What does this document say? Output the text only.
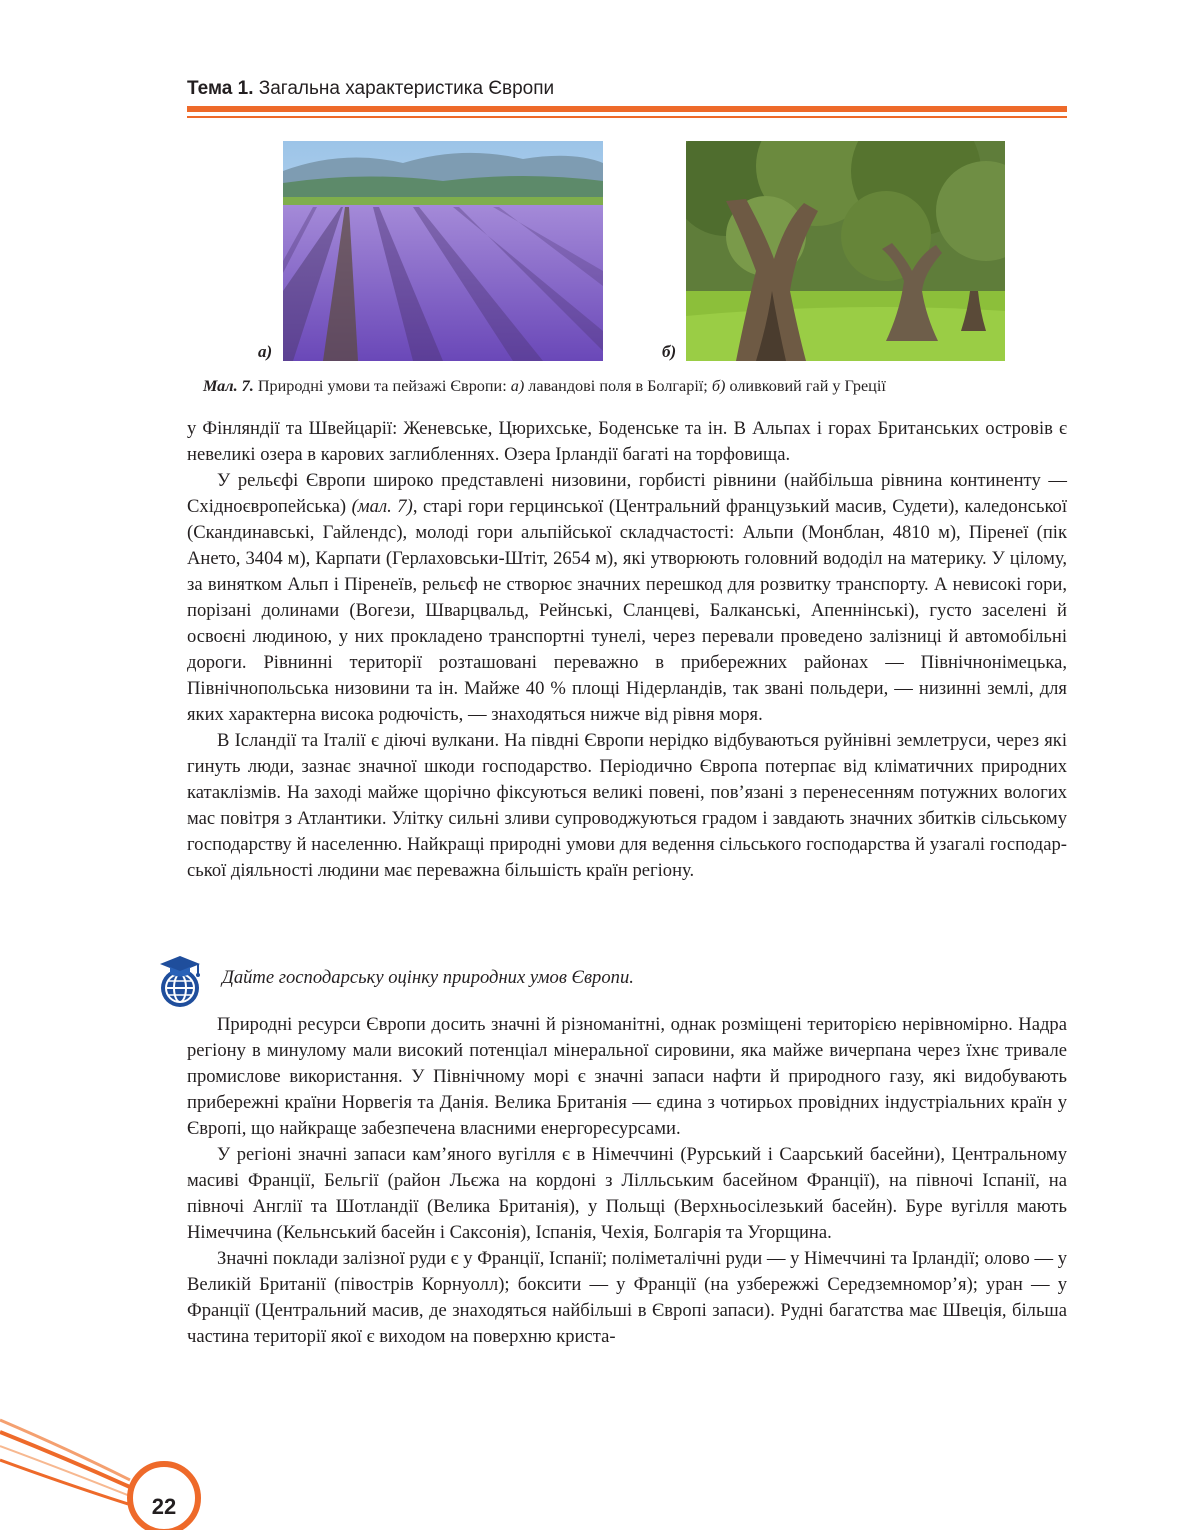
Тема 1. Загальна характеристика Європи
а)	б)
Мал. 7. Природні умови та пейзажі Європи: а) лавандові поля в Болгарії; б) оливковий гай у Греції

у Фінляндії та Швейцарії: Женевське, Цюрихське, Боденське та ін. В Альпах і горах Британських островів є невеликі озера в карових заглибленнях. Озера Ірландії багаті на торфовища.

У рельєфі Європи широко представлені низовини, горбисті рівнини (найбільша рівнина континенту — Східноєвропейська) (мал. 7), старі гори герцинської (Центральний французький масив, Судети), каледонської (Скандинавські, Гайлендс), молоді гори альпійської складчастості: Альпи (Монблан, 4810 м), Піренеї (пік Ането, 3404 м), Карпати (Герлаховськи-Штіт, 2654 м), які утворюють головний вододіл на материку. У цілому, за винятком Альп і Піренеїв, рельєф не створює значних перешкод для розвитку транспорту. А невисокі гори, порізані долинами (Вогези, Шварцвальд, Рейнські, Сланцеві, Балканські, Апеннінські), густо заселені й освоєні людиною, у них прокладено транспортні тунелі, через перевали проведено залізниці й автомобільні дороги. Рівнинні території розташовані переважно в прибережних районах — Північнонімецька, Північнопольська низовини та ін. Майже 40 % площі Нідерландів, так звані польдери, — низинні землі, для яких характерна висока родючість, — знаходяться нижче від рівня моря.

В Ісландії та Італії є діючі вулкани. На півдні Європи нерідко відбуваються руйнівні землетруси, через які гинуть люди, зазнає значної шкоди господарство. Періодично Європа потерпає від кліматичних природних катаклізмів. На заході майже щорічно фіксуються великі повені, пов’язані з перенесенням потужних вологих мас повітря з Атлантики. Улітку сильні зливи супроводжуються градом і завдають значних збитків сільському господарству й населенню. Найкращі природні умови для ведення сільського господарства й узагалі господарської діяльності людини має переважна більшість країн регіону.

Дайте господарську оцінку природних умов Європи.

Природні ресурси Європи досить значні й різноманітні, однак розміщені територією нерівномірно. Надра регіону в минулому мали високий потенціал мінеральної сировини, яка майже вичерпана через їхнє тривале промислове використання. У Північному морі є значні запаси нафти й природного газу, які видобувають прибережні країни Норвегія та Данія. Велика Британія — єдина з чотирьох провідних індустріальних країн у Європі, що найкраще забезпечена власними енергоресурсами.

У регіоні значні запаси кам’яного вугілля є в Німеччині (Рурський і Саарський басейни), Центральному масиві Франції, Бельгії (район Льєжа на кордоні з Лілльським басейном Франції), на півночі Іспанії, на півночі Англії та Шотландії (Велика Британія), у Польщі (Верхньосілезький басейн). Буре вугілля мають Німеччина (Кельнський басейн і Саксонія), Іспанія, Чехія, Болгарія та Угорщина.

Значні поклади залізної руди є у Франції, Іспанії; поліметалічні руди — у Німеччині та Ірландії; олово — у Великій Британії (півострів Корнуолл); боксити — у Франції (на узбережжі Середземномор’я); уран — у Франції (Центральний масив, де знаходяться найбільші в Європі запаси). Рудні багатства має Швеція, більша частина території якої є виходом на поверхню криста-

22
